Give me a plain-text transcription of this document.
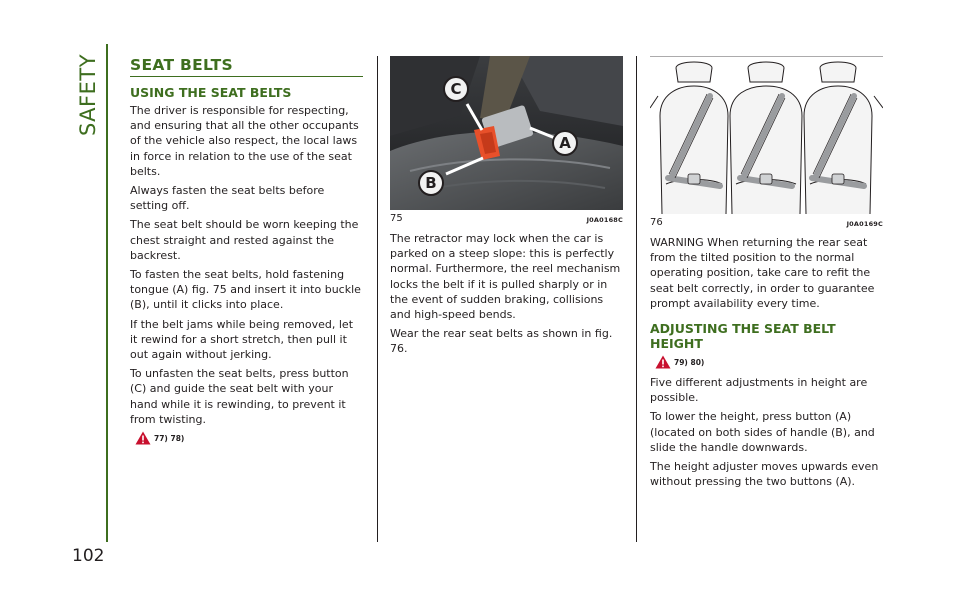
SAFETY
102
SEAT BELTS
USING THE SEAT BELTS

The driver is responsible for respecting, and ensuring that all the other occupants of the vehicle also respect, the local laws in force in relation to the use of the seat belts.

Always fasten the seat belts before setting off.

The seat belt should be worn keeping the chest straight and rested against the backrest.

To fasten the seat belts, hold fastening tongue (A) fig. 75 and insert it into buckle (B), until it clicks into place.

If the belt jams while being removed, let it rewind for a short stretch, then pull it out again without jerking.

To unfasten the seat belts, press button (C) and guide the seat belt with your hand while it is rewinding, to prevent it from twisting.

77) 78)
C
A
B
75	J0A0168C

The retractor may lock when the car is parked on a steep slope: this is perfectly normal. Furthermore, the reel mechanism locks the belt if it is pulled sharply or in the event of sudden braking, collisions and high-speed bends.

Wear the rear seat belts as shown in fig. 76.

76	J0A0169C

WARNING When returning the rear seat from the tilted position to the normal operating position, take care to refit the seat belt correctly, in order to guarantee prompt availability every time.

ADJUSTING THE SEAT BELT HEIGHT
79) 80)

Five different adjustments in height are possible.

To lower the height, press button (A) (located on both sides of handle (B), and slide the handle downwards.

The height adjuster moves upwards even without pressing the two buttons (A).
